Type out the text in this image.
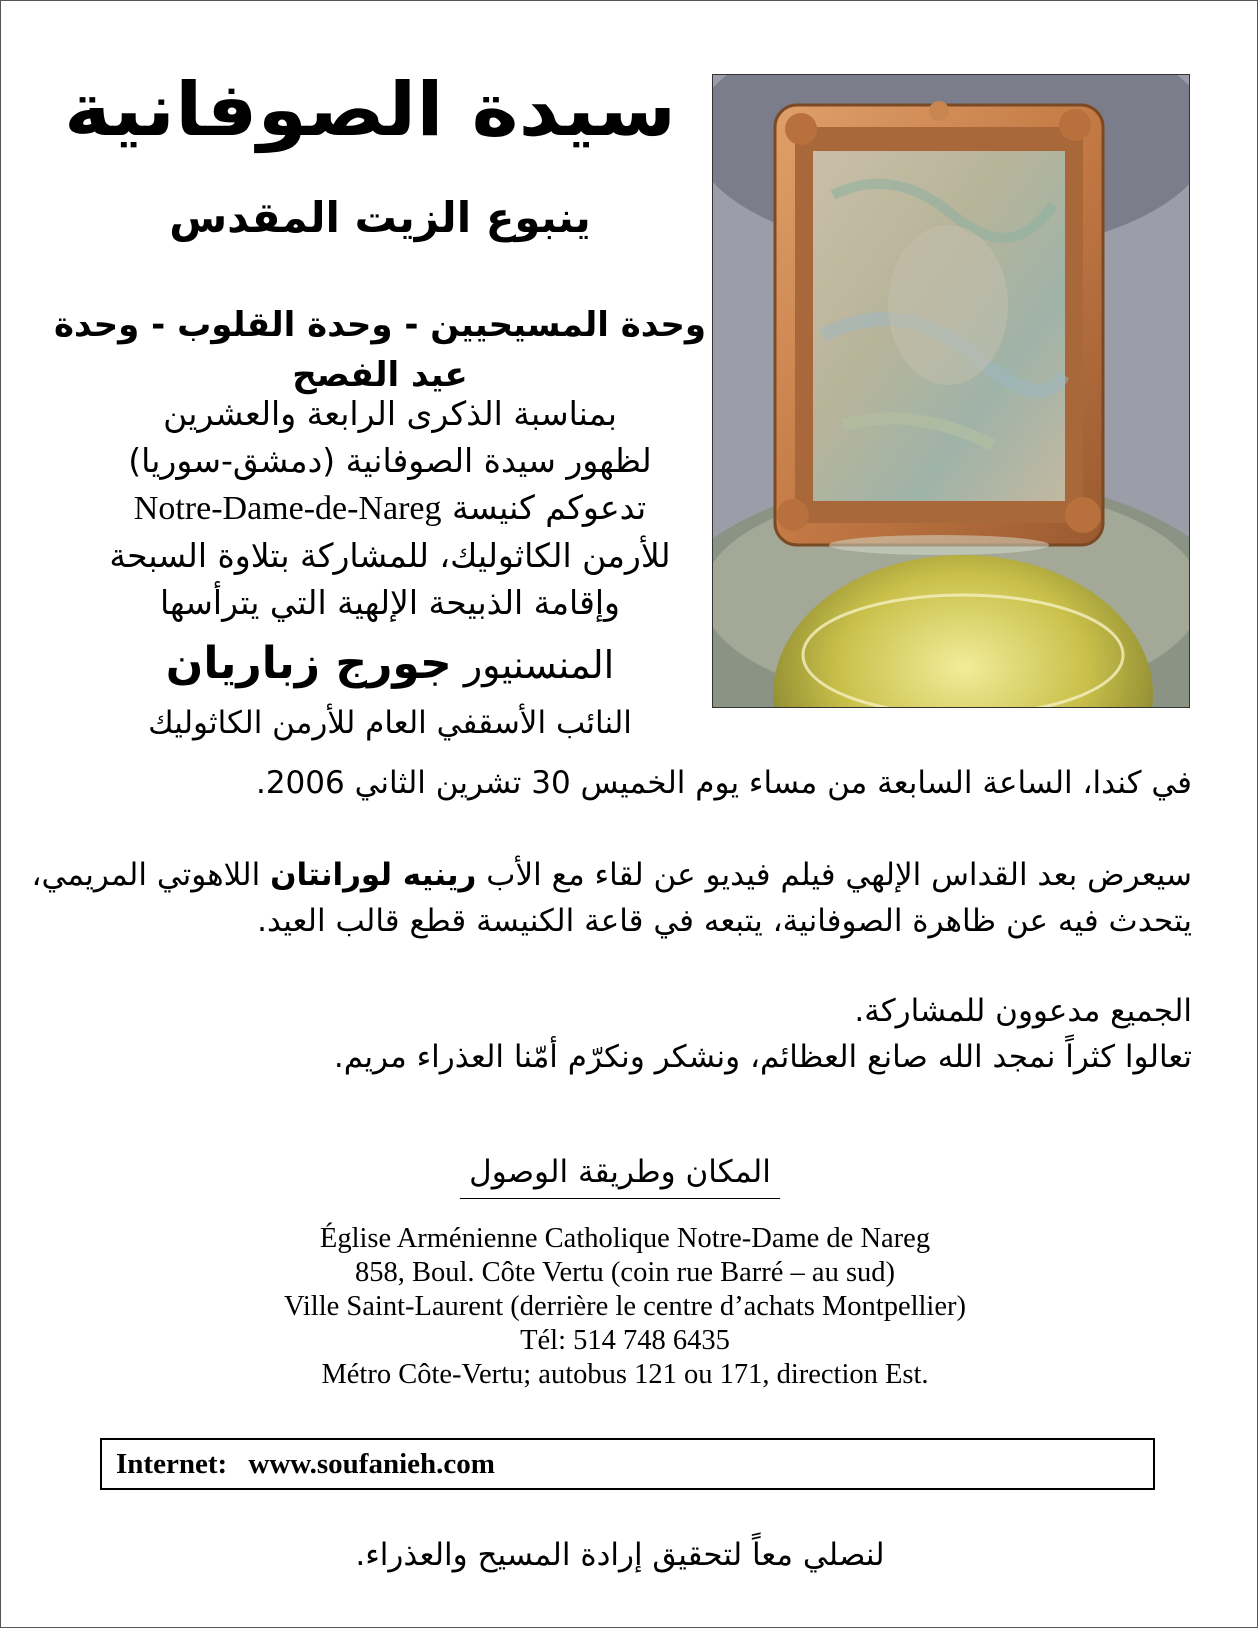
سيدة الصوفانية
ينبوع الزيت المقدس
وحدة المسيحيين - وحدة القلوب - وحدة عيد الفصح
بمناسبة الذكرى الرابعة والعشرين
لظهور سيدة الصوفانية (دمشق-سوريا)
تدعوكم كنيسة Notre-Dame-de-Nareg
للأرمن الكاثوليك، للمشاركة بتلاوة السبحة
وإقامة الذبيحة الإلهية التي يترأسها
المنسنيور جورج زباريان
النائب الأسقفي العام للأرمن الكاثوليك
في كندا، الساعة السابعة من مساء يوم الخميس 30 تشرين الثاني 2006.
سيعرض بعد القداس الإلهي فيلم فيديو عن لقاء مع الأب رينيه لورانتان اللاهوتي المريمي،
يتحدث فيه عن ظاهرة الصوفانية، يتبعه في قاعة الكنيسة قطع قالب العيد.
الجميع مدعوون للمشاركة.
تعالوا كثراً نمجد الله صانع العظائم، ونشكر ونكرّم أمّنا العذراء مريم.
المكان وطريقة الوصول
Église Arménienne Catholique Notre-Dame de Nareg
858, Boul. Côte Vertu (coin rue Barré – au sud)
Ville Saint-Laurent (derrière le centre d’achats Montpellier)
Tél: 514 748 6435
Métro Côte-Vertu; autobus 121 ou 171, direction Est.
Internet: www.soufanieh.com
لنصلي معاً لتحقيق إرادة المسيح والعذراء.
